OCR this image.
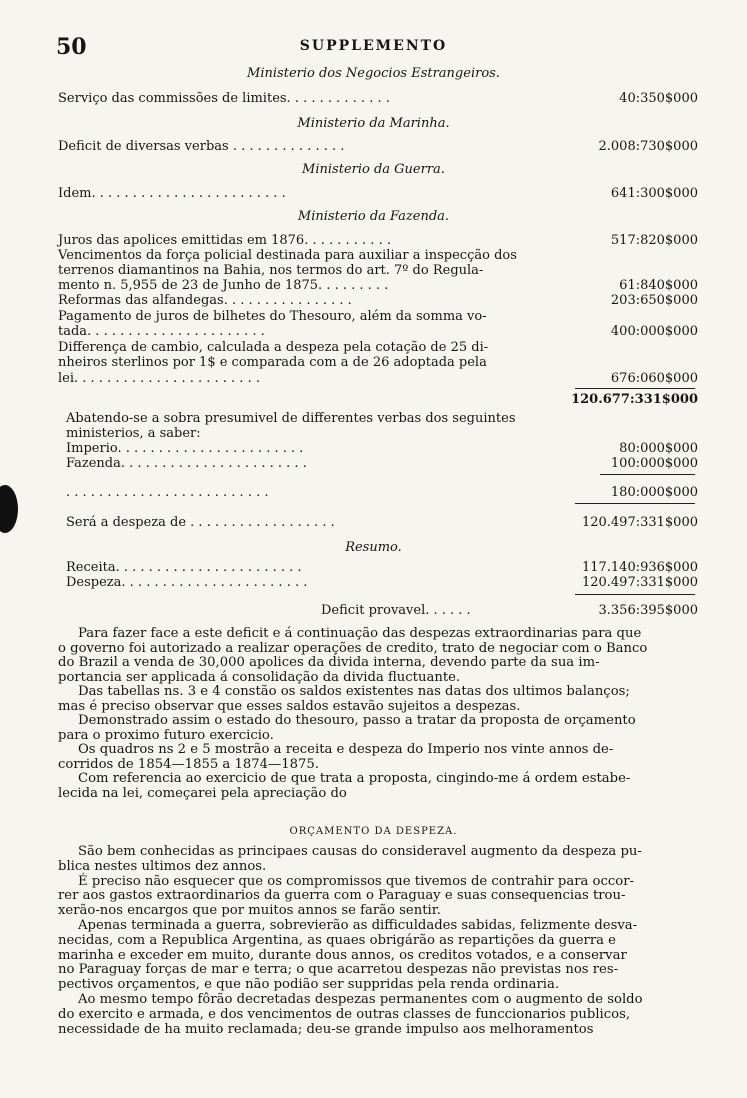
50	SUPPLEMENTO
Ministerio dos Negocios Estrangeiros.
Serviço das commissões de limites. . . . . . . . . . . . .	40:350$000
Ministerio da Marinha.
Deficit de diversas verbas . . . . . . . . . . . . . .	2.008:730$000
Ministerio da Guerra.
Idem. . . . . . . . . . . . . . . . . . . . . . . .	641:300$000
Ministerio da Fazenda.
Juros das apolices emittidas em 1876. . . . . . . . . . .	517:820$000
Vencimentos da força policial destinada para auxiliar a inspecção dos
terrenos diamantinos na Bahia, nos termos do art. 7º do Regula-
mento n. 5,955 de 23 de Junho de 1875. . . . . . . . .	61:840$000
Reformas das alfandegas. . . . . . . . . . . . . . . .	203:650$000
Pagamento de juros de bilhetes do Thesouro, além da somma vo-
tada. . . . . . . . . . . . . . . . . . . . . .	400:000$000
Differença de cambio, calculada a despeza pela cotação de 25 di-
nheiros sterlinos por 1$ e comparada com a de 26 adoptada pela
lei. . . . . . . . . . . . . . . . . . . . . . .	676:060$000
120.677:331$000
Abatendo-se a sobra presumivel de differentes verbas dos seguintes
ministerios, a saber:
Imperio. . . . . . . . . . . . . . . . . . . . . . .	80:000$000
Fazenda. . . . . . . . . . . . . . . . . . . . . . .	100:000$000
. . . . . . . . . . . . . . . . . . . . . . . . .	180:000$000
Será a despeza de . . . . . . . . . . . . . . . . . .	120.497:331$000
Resumo.
Receita. . . . . . . . . . . . . . . . . . . . . . .	117.140:936$000
Despeza. . . . . . . . . . . . . . . . . . . . . . .	120.497:331$000
Deficit provavel. . . . . .	3.356:395$000
Para fazer face a este deficit e á continuação das despezas extraordinarias para que
o governo foi autorizado a realizar operações de credito, trato de negociar com o Banco
do Brazil a venda de 30,000 apolices da divida interna, devendo parte da sua im-
portancia ser applicada á consolidação da divida fluctuante.
Das tabellas ns. 3 e 4 constão os saldos existentes nas datas dos ultimos balanços;
mas é preciso observar que esses saldos estavão sujeitos a despezas.
Demonstrado assim o estado do thesouro, passo a tratar da proposta de orçamento
para o proximo futuro exercicio.
Os quadros ns 2 e 5 mostrão a receita e despeza do Imperio nos vinte annos de-
corridos de 1854—1855 a 1874—1875.
Com referencia ao exercicio de que trata a proposta, cingindo-me á ordem estabe-
lecida na lei, começarei pela apreciação do
ORÇAMENTO DA DESPEZA.
São bem conhecidas as principaes causas do consideravel augmento da despeza pu-
blica nestes ultimos dez annos.
É preciso não esquecer que os compromissos que tivemos de contrahir para occor-
rer aos gastos extraordinarios da guerra com o Paraguay e suas consequencias trou-
xerão-nos encargos que por muitos annos se farão sentir.
Apenas terminada a guerra, sobrevierão as difficuldades sabidas, felizmente desva-
necidas, com a Republica Argentina, as quaes obrigárão as repartições da guerra e
marinha e exceder em muito, durante dous annos, os creditos votados, e a conservar
no Paraguay forças de mar e terra; o que acarretou despezas não previstas nos res-
pectivos orçamentos, e que não podião ser suppridas pela renda ordinaria.
Ao mesmo tempo fôrão decretadas despezas permanentes com o augmento de soldo
do exercito e armada, e dos vencimentos de outras classes de funccionarios publicos,
necessidade de ha muito reclamada; deu-se grande impulso aos melhoramentos
